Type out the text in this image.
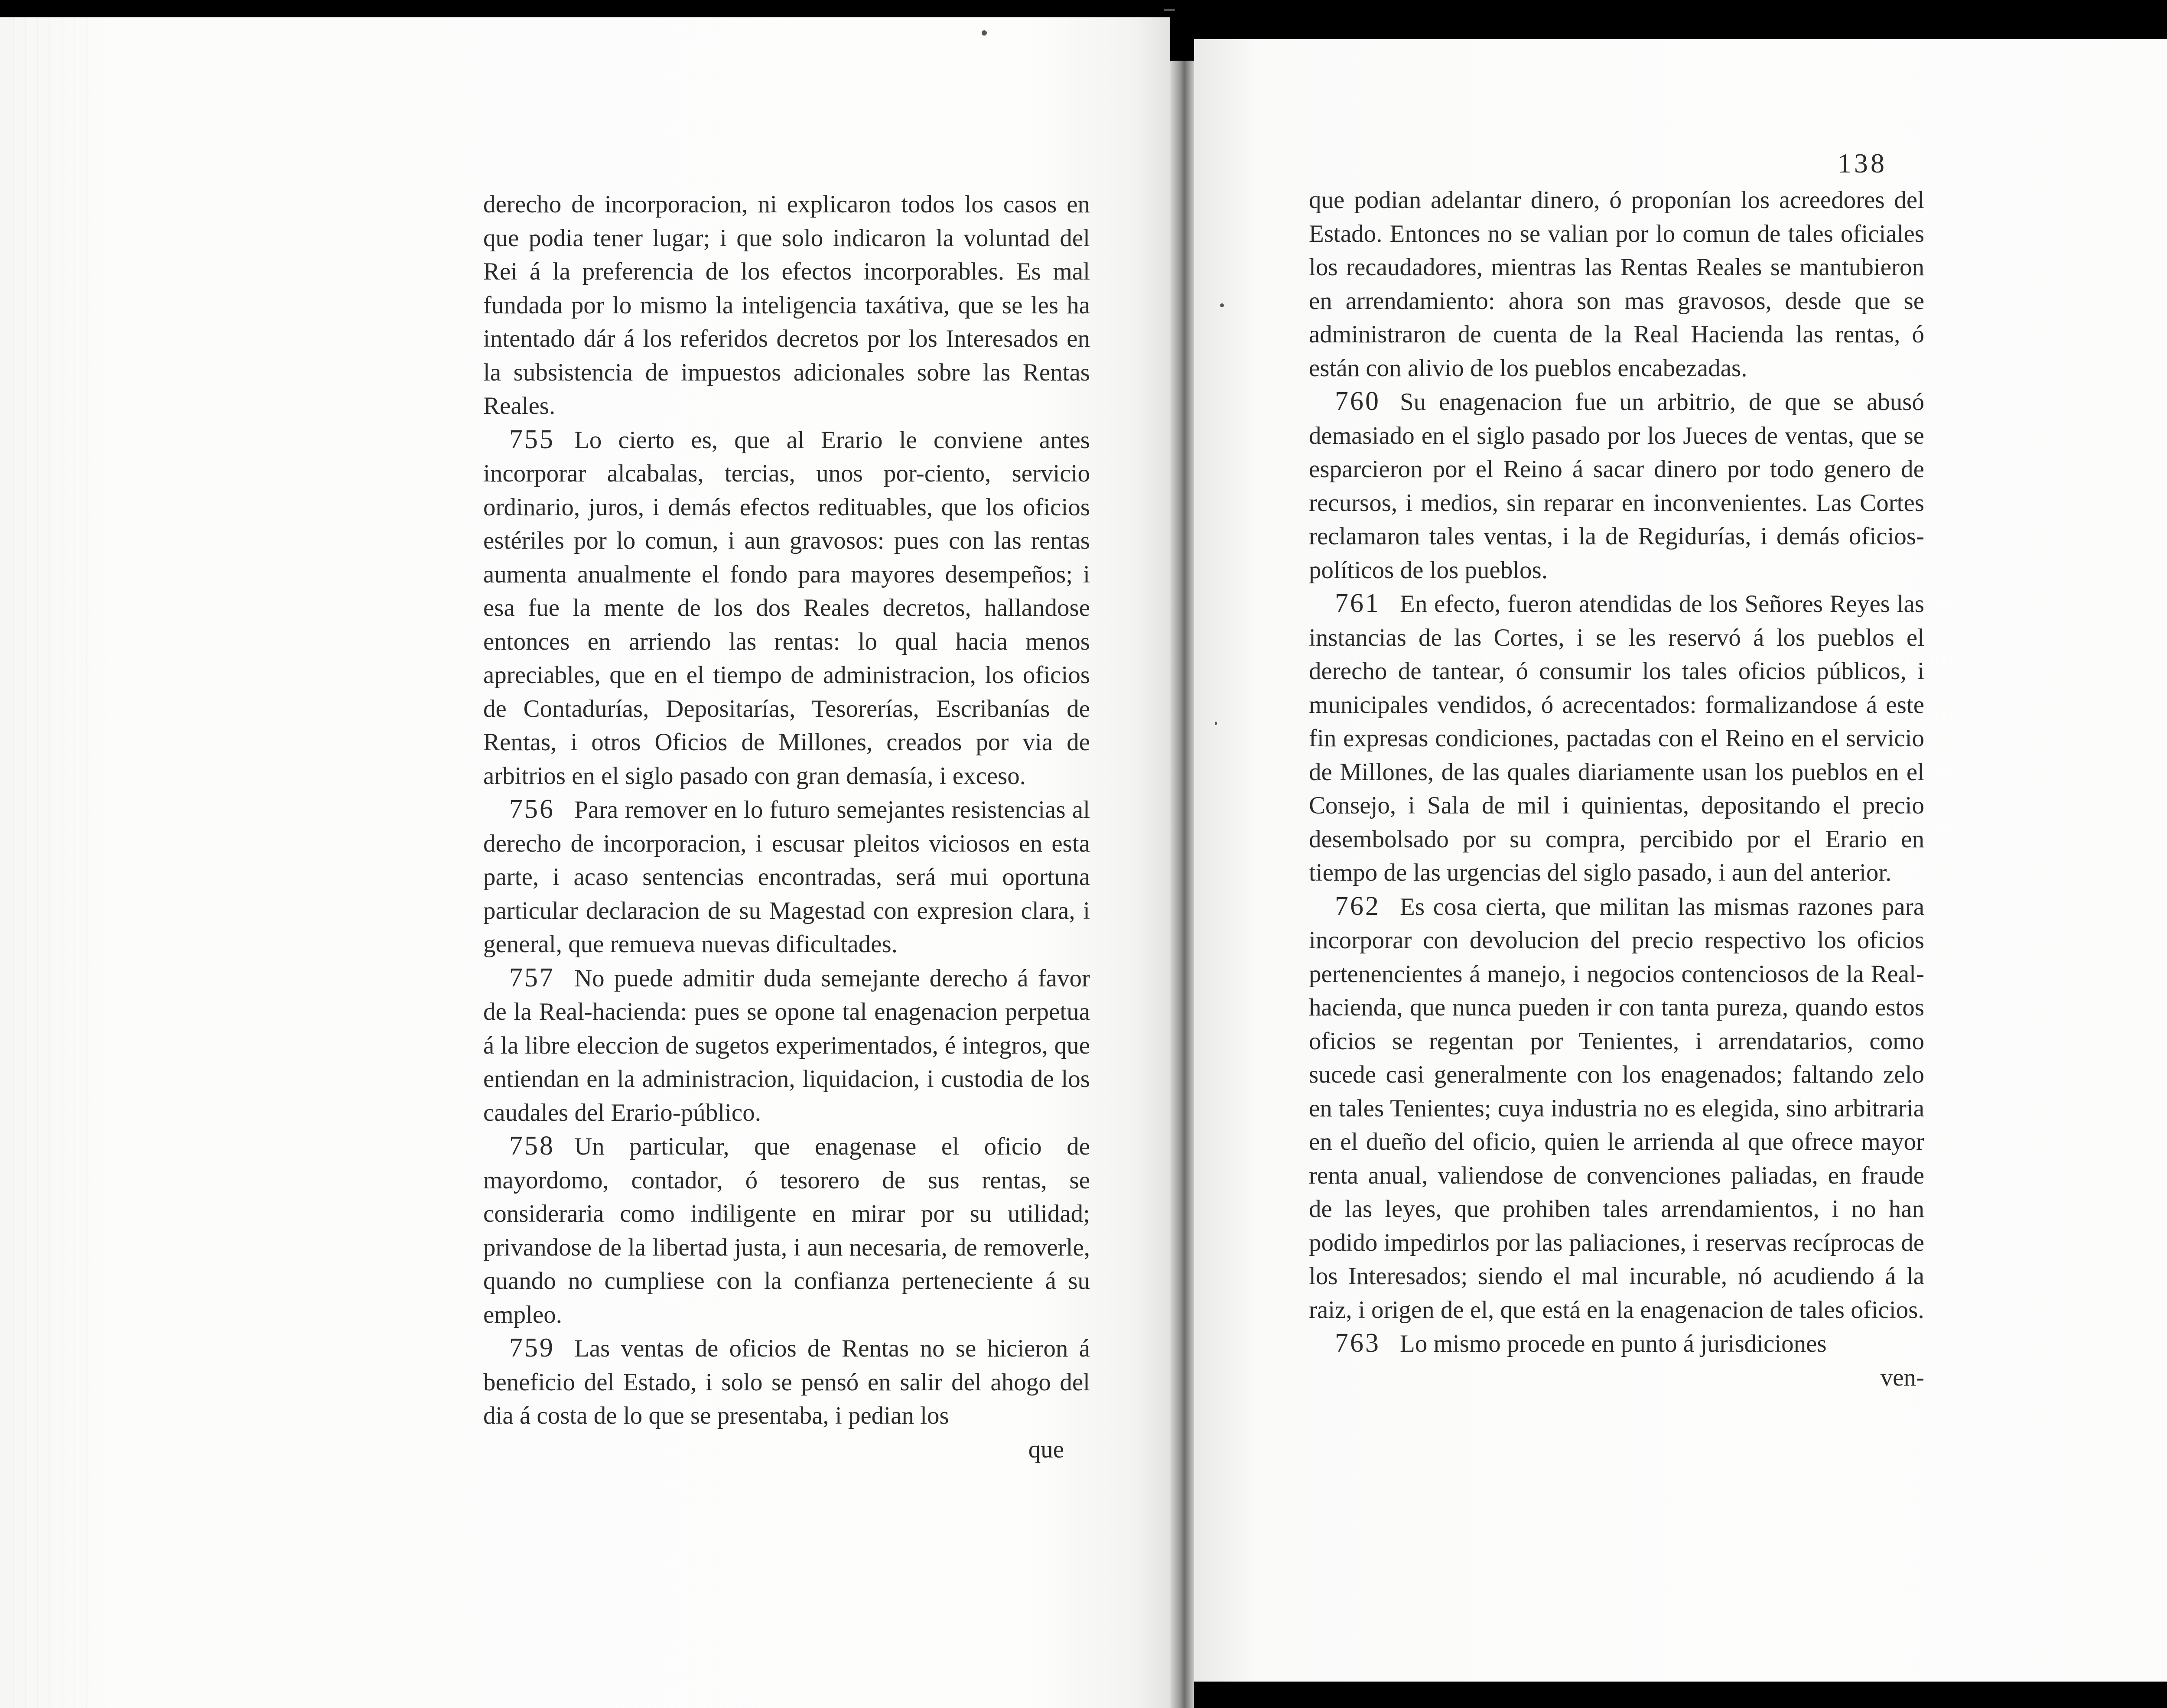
derecho de incorporacion, ni explicaron todos los casos en que podia tener lugar; i que solo indicaron la voluntad del Rei á la preferencia de los efectos incorporables. Es mal fundada por lo mismo la inteligencia taxátiva, que se les ha intentado dár á los referidos decretos por los Interesados en la subsistencia de impuestos adicionales sobre las Rentas Reales.

755 Lo cierto es, que al Erario le conviene antes incorporar alcabalas, tercias, unos por-ciento, servicio ordinario, juros, i demás efectos redituables, que los oficios estériles por lo comun, i aun gravosos: pues con las rentas aumenta anualmente el fondo para mayores desempeños; i esa fue la mente de los dos Reales decretos, hallandose entonces en arriendo las rentas: lo qual hacia menos apreciables, que en el tiempo de administracion, los oficios de Contadurías, Depositarías, Tesorerías, Escribanías de Rentas, i otros Oficios de Millones, creados por via de arbitrios en el siglo pasado con gran demasía, i exceso.

756 Para remover en lo futuro semejantes resistencias al derecho de incorporacion, i escusar pleitos viciosos en esta parte, i acaso sentencias encontradas, será mui oportuna particular declaracion de su Magestad con expresion clara, i general, que remueva nuevas dificultades.

757 No puede admitir duda semejante derecho á favor de la Real-hacienda: pues se opone tal enagenacion perpetua á la libre eleccion de sugetos experimentados, é integros, que entiendan en la administracion, liquidacion, i custodia de los caudales del Erario-público.

758 Un particular, que enagenase el oficio de mayordomo, contador, ó tesorero de sus rentas, se consideraria como indiligente en mirar por su utilidad; privandose de la libertad justa, i aun necesaria, de removerle, quando no cumpliese con la confianza perteneciente á su empleo.

759 Las ventas de oficios de Rentas no se hicieron á beneficio del Estado, i solo se pensó en salir del ahogo del dia á costa de lo que se presentaba, i pedian los

que

138

que podian adelantar dinero, ó proponían los acreedores del Estado. Entonces no se valian por lo comun de tales oficiales los recaudadores, mientras las Rentas Reales se mantubieron en arrendamiento: ahora son mas gravosos, desde que se administraron de cuenta de la Real Hacienda las rentas, ó están con alivio de los pueblos encabezadas.

760 Su enagenacion fue un arbitrio, de que se abusó demasiado en el siglo pasado por los Jueces de ventas, que se esparcieron por el Reino á sacar dinero por todo genero de recursos, i medios, sin reparar en inconvenientes. Las Cortes reclamaron tales ventas, i la de Regidurías, i demás oficios-políticos de los pueblos.

761 En efecto, fueron atendidas de los Señores Reyes las instancias de las Cortes, i se les reservó á los pueblos el derecho de tantear, ó consumir los tales oficios públicos, i municipales vendidos, ó acrecentados: formalizandose á este fin expresas condiciones, pactadas con el Reino en el servicio de Millones, de las quales diariamente usan los pueblos en el Consejo, i Sala de mil i quinientas, depositando el precio desembolsado por su compra, percibido por el Erario en tiempo de las urgencias del siglo pasado, i aun del anterior.

762 Es cosa cierta, que militan las mismas razones para incorporar con devolucion del precio respectivo los oficios pertenencientes á manejo, i negocios contenciosos de la Real-hacienda, que nunca pueden ir con tanta pureza, quando estos oficios se regentan por Tenientes, i arrendatarios, como sucede casi generalmente con los enagenados; faltando zelo en tales Tenientes; cuya industria no es elegida, sino arbitraria en el dueño del oficio, quien le arrienda al que ofrece mayor renta anual, valiendose de convenciones paliadas, en fraude de las leyes, que prohiben tales arrendamientos, i no han podido impedirlos por las paliaciones, i reservas recíprocas de los Interesados; siendo el mal incurable, nó acudiendo á la raiz, i origen de el, que está en la enagenacion de tales oficios.

763 Lo mismo procede en punto á jurisdiciones

ven-
